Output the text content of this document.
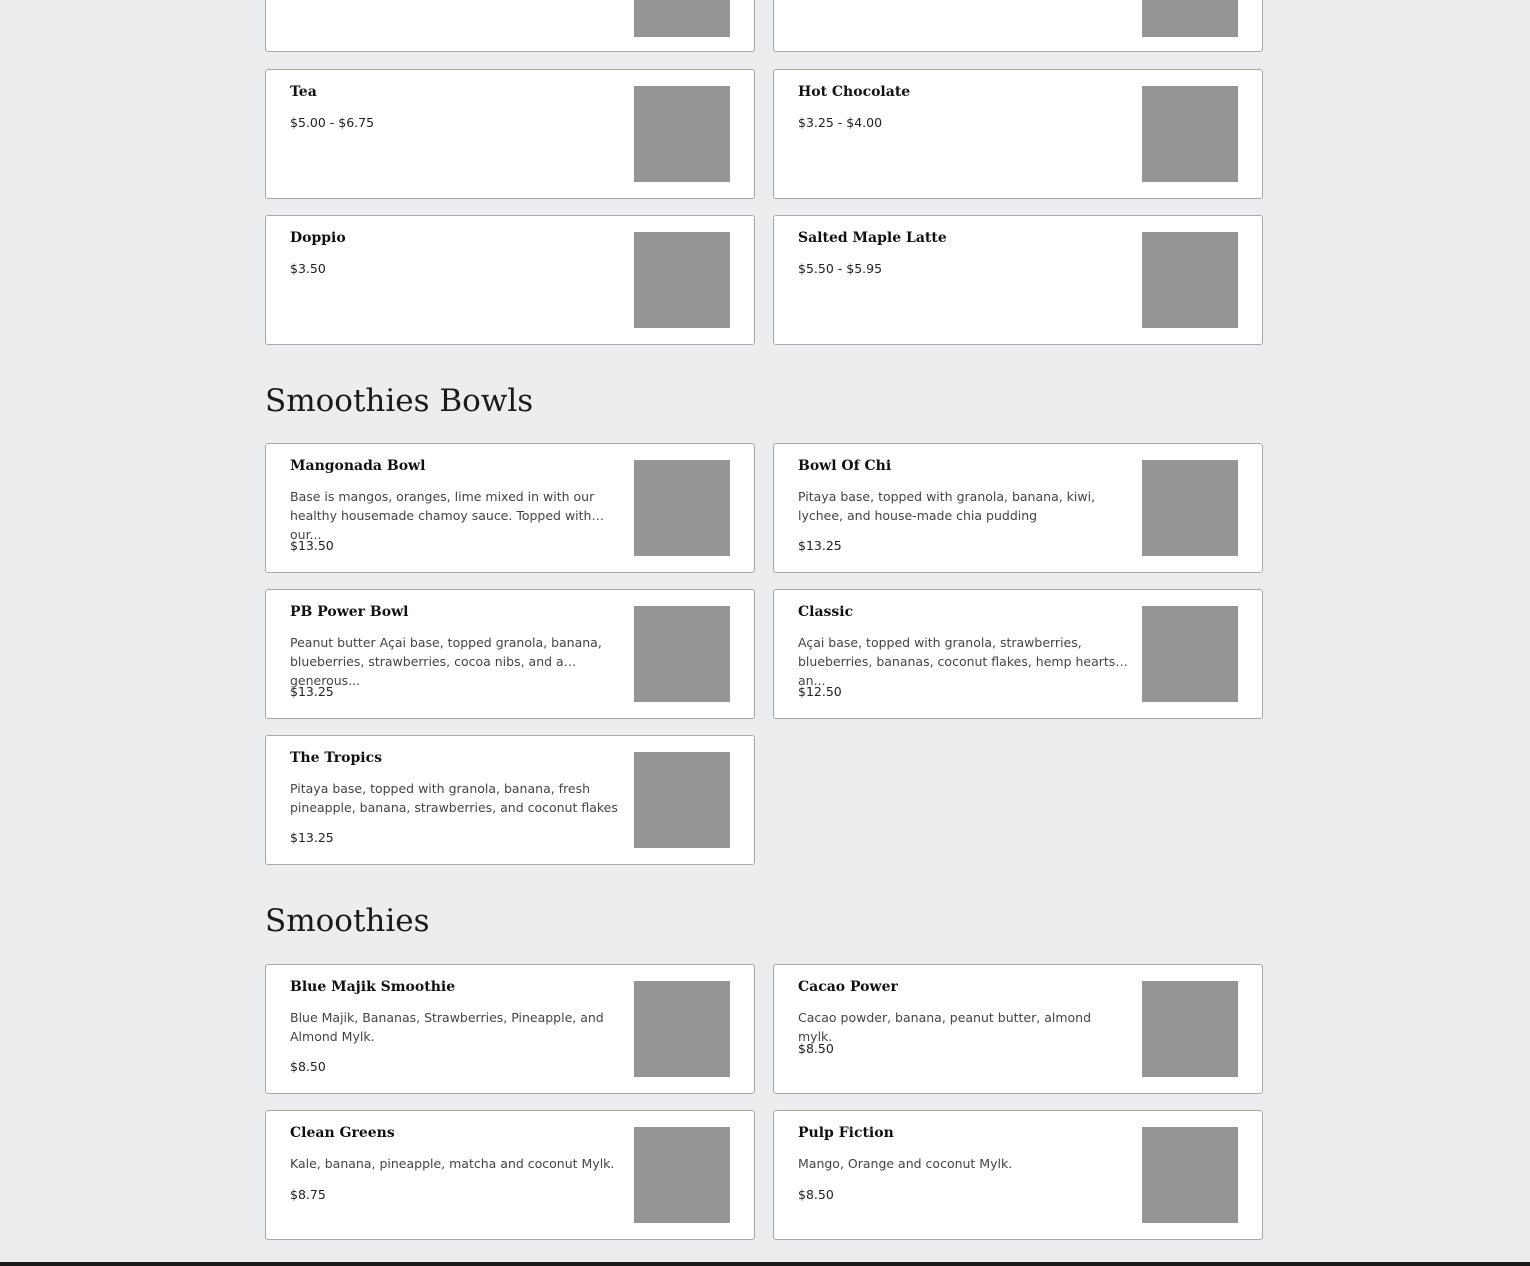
Tea
$5.00 - $6.75
Hot Chocolate
$3.25 - $4.00
Doppio
$3.50
Salted Maple Latte
$5.50 - $5.95
Smoothies Bowls
Mangonada Bowl
Base is mangos, oranges, lime mixed in with our healthy housemade chamoy sauce. Topped with our...
$13.50
Bowl Of Chi
Pitaya base, topped with granola, banana, kiwi, lychee, and house-made chia pudding
$13.25
PB Power Bowl
Peanut butter Açai base, topped granola, banana, blueberries, strawberries, cocoa nibs, and a generous...
$13.25
Classic
Açai base, topped with granola, strawberries, blueberries, bananas, coconut flakes, hemp hearts an...
$12.50
The Tropics
Pitaya base, topped with granola, banana, fresh pineapple, banana, strawberries, and coconut flakes
$13.25
Smoothies
Blue Majik Smoothie
Blue Majik, Bananas, Strawberries, Pineapple, and Almond Mylk.
$8.50
Cacao Power
Cacao powder, banana, peanut butter, almond mylk.
$8.50
Clean Greens
Kale, banana, pineapple, matcha and coconut Mylk.
$8.75
Pulp Fiction
Mango, Orange and coconut Mylk.
$8.50
